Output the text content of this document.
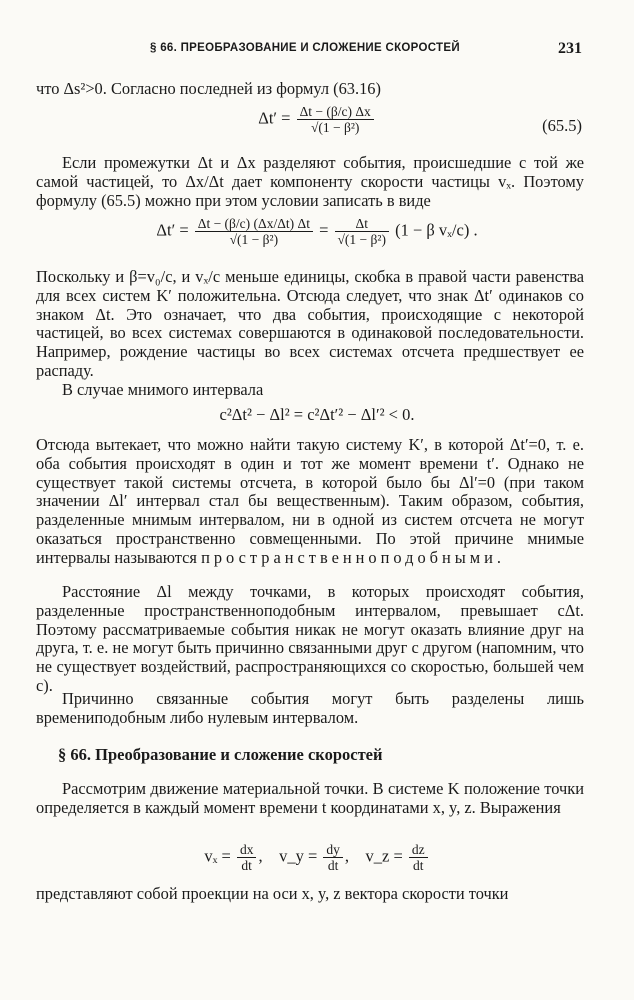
§ 66. ПРЕОБРАЗОВАНИЕ И СЛОЖЕНИЕ СКОРОСТЕЙ	231

что Δs²>0. Согласно последней из формул (63.16)

$\Delta t' = \frac{\Delta t - (\beta/c) \Delta x}{\text{√(1 − β²)}}$	(65.5)

Если промежутки Δt и Δx разделяют события, происшедшие с той же самой частицей, то Δx/Δt дает компоненту скорости частицы vₓ. Поэтому формулу (65.5) можно при этом условии записать в виде

$\Delta t' = \frac{\Delta t - (\beta/c) (\Delta x/\Delta t) \Delta t}{\text{√(1 − β²)}} = \frac{\Delta t}{\text{√(1 − β²)}} (1 - \beta$ vₓ/c) .

Поскольку и β=v₀/c, и vₓ/c меньше единицы, скобка в правой части равенства для всех систем K′ положительна. Отсюда следует, что знак Δt′ одинаков со знаком Δt. Это означает, что два события, происходящие с некоторой частицей, во всех системах совершаются в одинаковой последовательности. Например, рождение частицы во всех системах отсчета предшествует ее распаду.

В случае мнимого интервала

c²Δt² − Δl² = c²Δt′² − Δl′² < 0.

Отсюда вытекает, что можно найти такую систему K′, в которой Δt′=0, т. е. оба события происходят в один и тот же момент времени t′. Однако не существует такой системы отсчета, в которой было бы Δl′=0 (при таком значении Δl′ интервал стал бы вещественным). Таким образом, события, разделенные мнимым интервалом, ни в одной из систем отсчета не могут оказаться пространственно совмещенными. По этой причине мнимые интервалы называются пространственноподобными.

Расстояние Δl между точками, в которых происходят события, разделенные пространственноподобным интервалом, превышает cΔt. Поэтому рассматриваемые события никак не могут оказать влияние друг на друга, т. е. не могут быть причинно связанными друг с другом (напомним, что не существует воздействий, распространяющихся со скоростью, большей чем c).

Причинно связанные события могут быть разделены лишь времениподобным либо нулевым интервалом.

§ 66. Преобразование и сложение скоростей

Рассмотрим движение материальной точки. В системе K положение точки определяется в каждый момент времени t координатами x, y, z. Выражения

$v_x = \frac{dx}{dt}$ ,    v_y = $\frac{dy}{dt}$ ,    v_z = $\frac{dz}{dt}$

представляют собой проекции на оси x, y, z вектора скорости точки
